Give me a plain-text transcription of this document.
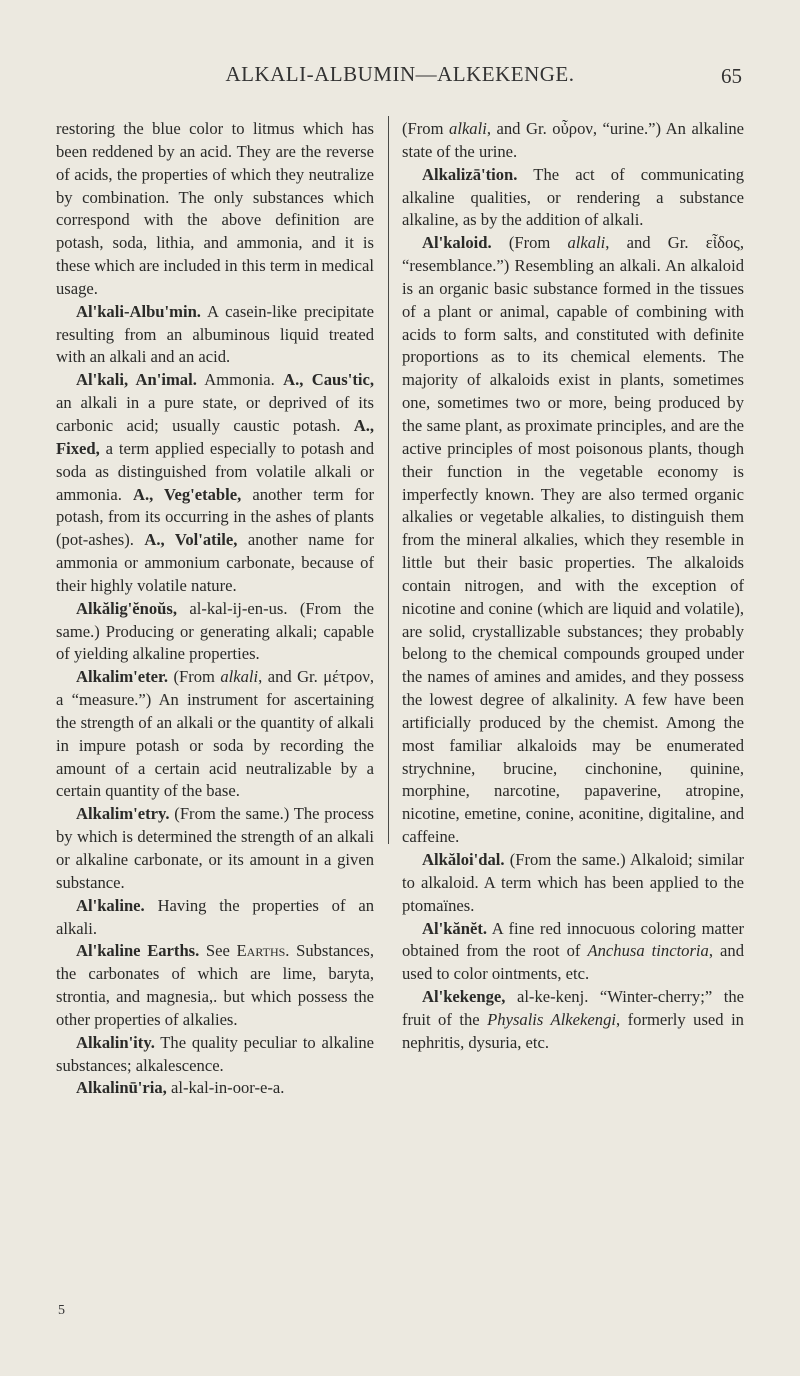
ALKALI-ALBUMIN—ALKEKENGE.	65

restoring the blue color to litmus which has been reddened by an acid. They are the reverse of acids, the properties of which they neutralize by combination. The only substances which correspond with the above definition are potash, soda, lithia, and ammonia, and it is these which are included in this term in medical usage.

Al'kali-Albu'min. A casein-like precipitate resulting from an albuminous liquid treated with an alkali and an acid.

Al'kali, An'imal. Ammonia. A., Caus'tic, an alkali in a pure state, or deprived of its carbonic acid; usually caustic potash. A., Fixed, a term applied especially to potash and soda as distinguished from volatile alkali or ammonia. A., Veg'etable, another term for potash, from its occurring in the ashes of plants (pot-ashes). A., Vol'atile, another name for ammonia or ammonium carbonate, because of their highly volatile nature.

Alkălig'ĕnoŭs, al-kal-ij-en-us. (From the same.) Producing or generating alkali; capable of yielding alkaline properties.

Alkalim'eter. (From alkali, and Gr. μέτρον, a “measure.”) An instrument for ascertaining the strength of an alkali or the quantity of alkali in impure potash or soda by recording the amount of a certain acid neutralizable by a certain quantity of the base.

Alkalim'etry. (From the same.) The process by which is determined the strength of an alkali or alkaline carbonate, or its amount in a given substance.

Al'kaline. Having the properties of an alkali.

Al'kaline Earths. See Earths. Substances, the carbonates of which are lime, baryta, strontia, and magnesia,. but which possess the other properties of alkalies.

Alkalin'ity. The quality peculiar to alkaline substances; alkalescence.

Alkalinū'ria, al-kal-in-oor-e-a.

(From alkali, and Gr. οὖρον, “urine.”) An alkaline state of the urine.

Alkalizā'tion. The act of communicating alkaline qualities, or rendering a substance alkaline, as by the addition of alkali.

Al'kaloid. (From alkali, and Gr. εἶδος, “resemblance.”) Resembling an alkali. An alkaloid is an organic basic substance formed in the tissues of a plant or animal, capable of combining with acids to form salts, and constituted with definite proportions as to its chemical elements. The majority of alkaloids exist in plants, sometimes one, sometimes two or more, being produced by the same plant, as proximate principles, and are the active principles of most poisonous plants, though their function in the vegetable economy is imperfectly known. They are also termed organic alkalies or vegetable alkalies, to distinguish them from the mineral alkalies, which they resemble in little but their basic properties. The alkaloids contain nitrogen, and with the exception of nicotine and conine (which are liquid and volatile), are solid, crystallizable substances; they probably belong to the chemical compounds grouped under the names of amines and amides, and they possess the lowest degree of alkalinity. A few have been artificially produced by the chemist. Among the most familiar alkaloids may be enumerated strychnine, brucine, cinchonine, quinine, morphine, narcotine, papaverine, atropine, nicotine, emetine, conine, aconitine, digitaline, and caffeine.

Alkăloi'dal. (From the same.) Alkaloid; similar to alkaloid. A term which has been applied to the ptomaïnes.

Al'kănĕt. A fine red innocuous coloring matter obtained from the root of Anchusa tinctoria, and used to color ointments, etc.

Al'kekenge, al-ke-kenj. “Winter-cherry;” the fruit of the Physalis Alkekengi, formerly used in nephritis, dysuria, etc.

5
